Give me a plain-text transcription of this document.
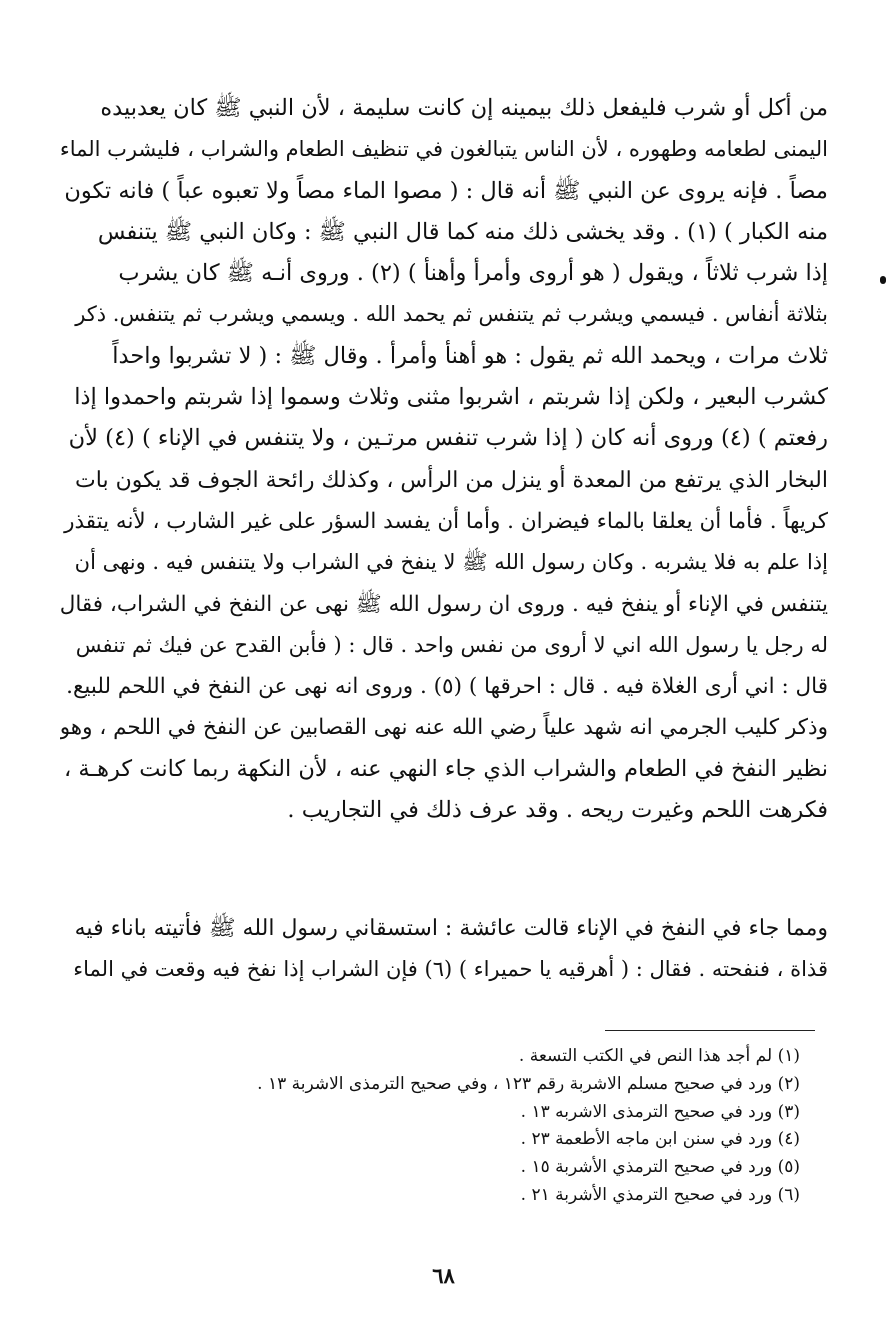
من أكل أو شرب فليفعل ذلك بيمينه إن كانت سليمة ، لأن النبي ﷺ كان يعدبيده
اليمنى لطعامه وطهوره ، لأن الناس يتبالغون في تنظيف الطعام والشراب ، فليشرب الماء
مصاً . فإنه يروى عن النبي ﷺ أنه قال : ( مصوا الماء مصاً ولا تعبوه عباً ) فانه تكون
منه الكبار ) (١) . وقد يخشى ذلك منه كما قال النبي ﷺ : وكان النبي ﷺ يتنفس
إذا شرب ثلاثاً ، ويقول ( هو أروى وأمرأ وأهنأ ) (٢) . وروى أنـه ﷺ كان يشرب
بثلاثة أنفاس . فيسمي ويشرب ثم يتنفس ثم يحمد الله . ويسمي ويشرب ثم يتنفس. ذكر
ثلاث مرات ، ويحمد الله ثم يقول : هو أهنأ وأمرأ . وقال ﷺ : ( لا تشربوا واحداً
كشرب البعير ، ولكن إذا شربتم ، اشربوا مثنى وثلاث وسموا إذا شربتم واحمدوا إذا
رفعتم ) (٤) وروى أنه كان ( إذا شرب تنفس مرتـين ، ولا يتنفس في الإناء ) (٤) لأن
البخار الذي يرتفع من المعدة أو ينزل من الرأس ، وكذلك رائحة الجوف قد يكون بات
كريهاً . فأما أن يعلقا بالماء فيضران . وأما أن يفسد السؤر على غير الشارب ، لأنه يتقذر
إذا علم به فلا يشربه . وكان رسول الله ﷺ لا ينفخ في الشراب ولا يتنفس فيه . ونهى أن
يتنفس في الإناء أو ينفخ فيه . وروى ان رسول الله ﷺ نهى عن النفخ في الشراب، فقال
له رجل يا رسول الله اني لا أروى من نفس واحد . قال : ( فأبن القدح عن فيك ثم تنفس
قال : اني أرى الغلاة فيه . قال : احرقها ) (٥) . وروى انه نهى عن النفخ في اللحم للبيع.
وذكر كليب الجرمي انه شهد علياً رضي الله عنه نهى القصابين عن النفخ في اللحم ، وهو
نظير النفخ في الطعام والشراب الذي جاء النهي عنه ، لأن النكهة ربما كانت كرهـة ،
فكرهت اللحم وغيرت ريحه . وقد عرف ذلك في التجاريب .
ومما جاء في النفخ في الإناء قالت عائشة : استسقاني رسول الله ﷺ فأتيته باناء فيه
قذاة ، فنفحته . فقال : ( أهرقيه يا حميراء ) (٦) فإن الشراب إذا نفخ فيه وقعت في الماء
(١) لم أجد هذا النص في الكتب التسعة .
(٢) ورد في صحيح مسلم الاشربة رقم ١٢٣ ، وفي صحيح الترمذى الاشربة ١٣ .
(٣) ورد في صحيح الترمذى الاشربه ١٣ .
(٤) ورد في سنن ابن ماجه الأطعمة ٢٣ .
(٥) ورد في صحيح الترمذي الأشربة ١٥ .
(٦) ورد في صحيح الترمذي الأشربة ٢١ .
٦٨
